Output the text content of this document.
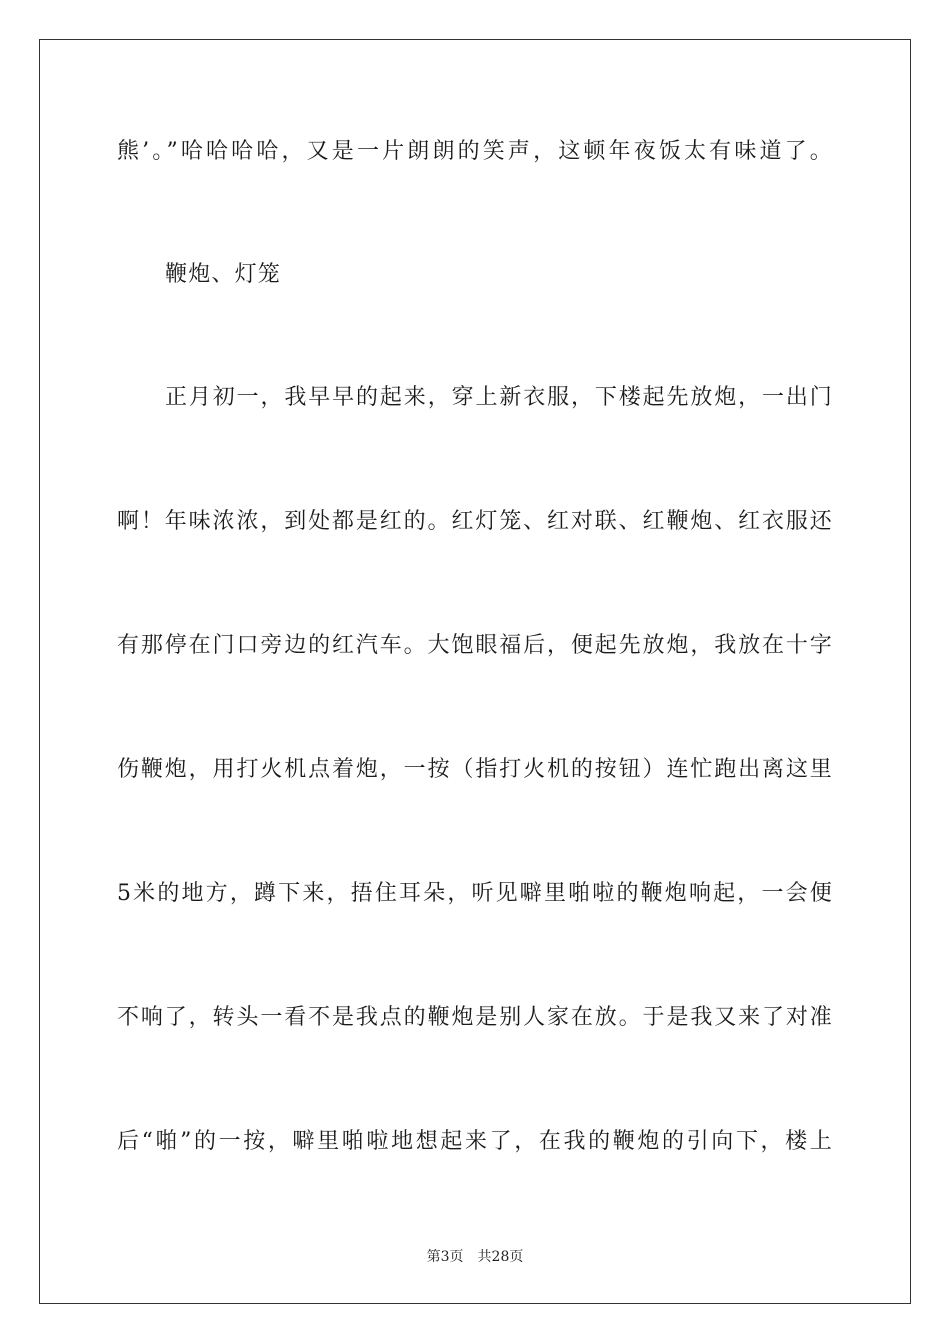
熊’。”哈哈哈哈，又是一片朗朗的笑声，这顿年夜饭太有味道了。
鞭炮、灯笼
正月初一，我早早的起来，穿上新衣服，下楼起先放炮，一出门
啊！年味浓浓，到处都是红的。红灯笼、红对联、红鞭炮、红衣服还
有那停在门口旁边的红汽车。大饱眼福后，便起先放炮，我放在十字
伤鞭炮，用打火机点着炮，一按（指打火机的按钮）连忙跑出离这里
5米的地方，蹲下来，捂住耳朵，听见噼里啪啦的鞭炮响起，一会便
不响了，转头一看不是我点的鞭炮是别人家在放。于是我又来了对准
后“啪”的一按，噼里啪啦地想起来了，在我的鞭炮的引向下，楼上
第3页 共28页
